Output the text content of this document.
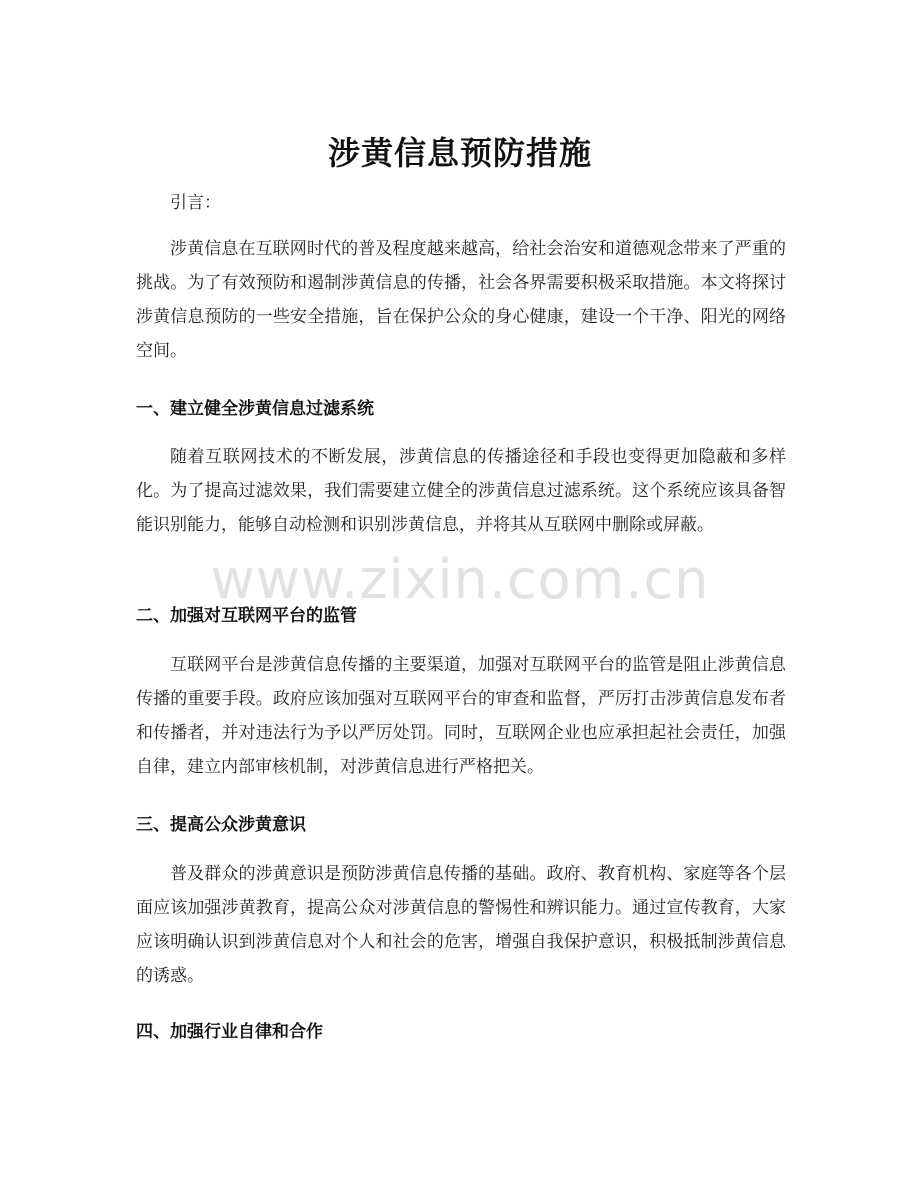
涉黄信息预防措施

引言：

涉黄信息在互联网时代的普及程度越来越高，给社会治安和道德观念带来了严重的挑战。为了有效预防和遏制涉黄信息的传播，社会各界需要积极采取措施。本文将探讨涉黄信息预防的一些安全措施，旨在保护公众的身心健康，建设一个干净、阳光的网络空间。

一、建立健全涉黄信息过滤系统

随着互联网技术的不断发展，涉黄信息的传播途径和手段也变得更加隐蔽和多样化。为了提高过滤效果，我们需要建立健全的涉黄信息过滤系统。这个系统应该具备智能识别能力，能够自动检测和识别涉黄信息，并将其从互联网中删除或屏蔽。

二、加强对互联网平台的监管

互联网平台是涉黄信息传播的主要渠道，加强对互联网平台的监管是阻止涉黄信息传播的重要手段。政府应该加强对互联网平台的审查和监督，严厉打击涉黄信息发布者和传播者，并对违法行为予以严厉处罚。同时，互联网企业也应承担起社会责任，加强自律，建立内部审核机制，对涉黄信息进行严格把关。

三、提高公众涉黄意识

普及群众的涉黄意识是预防涉黄信息传播的基础。政府、教育机构、家庭等各个层面应该加强涉黄教育，提高公众对涉黄信息的警惕性和辨识能力。通过宣传教育，大家应该明确认识到涉黄信息对个人和社会的危害，增强自我保护意识，积极抵制涉黄信息的诱惑。

四、加强行业自律和合作
www.zixin.com.cn
